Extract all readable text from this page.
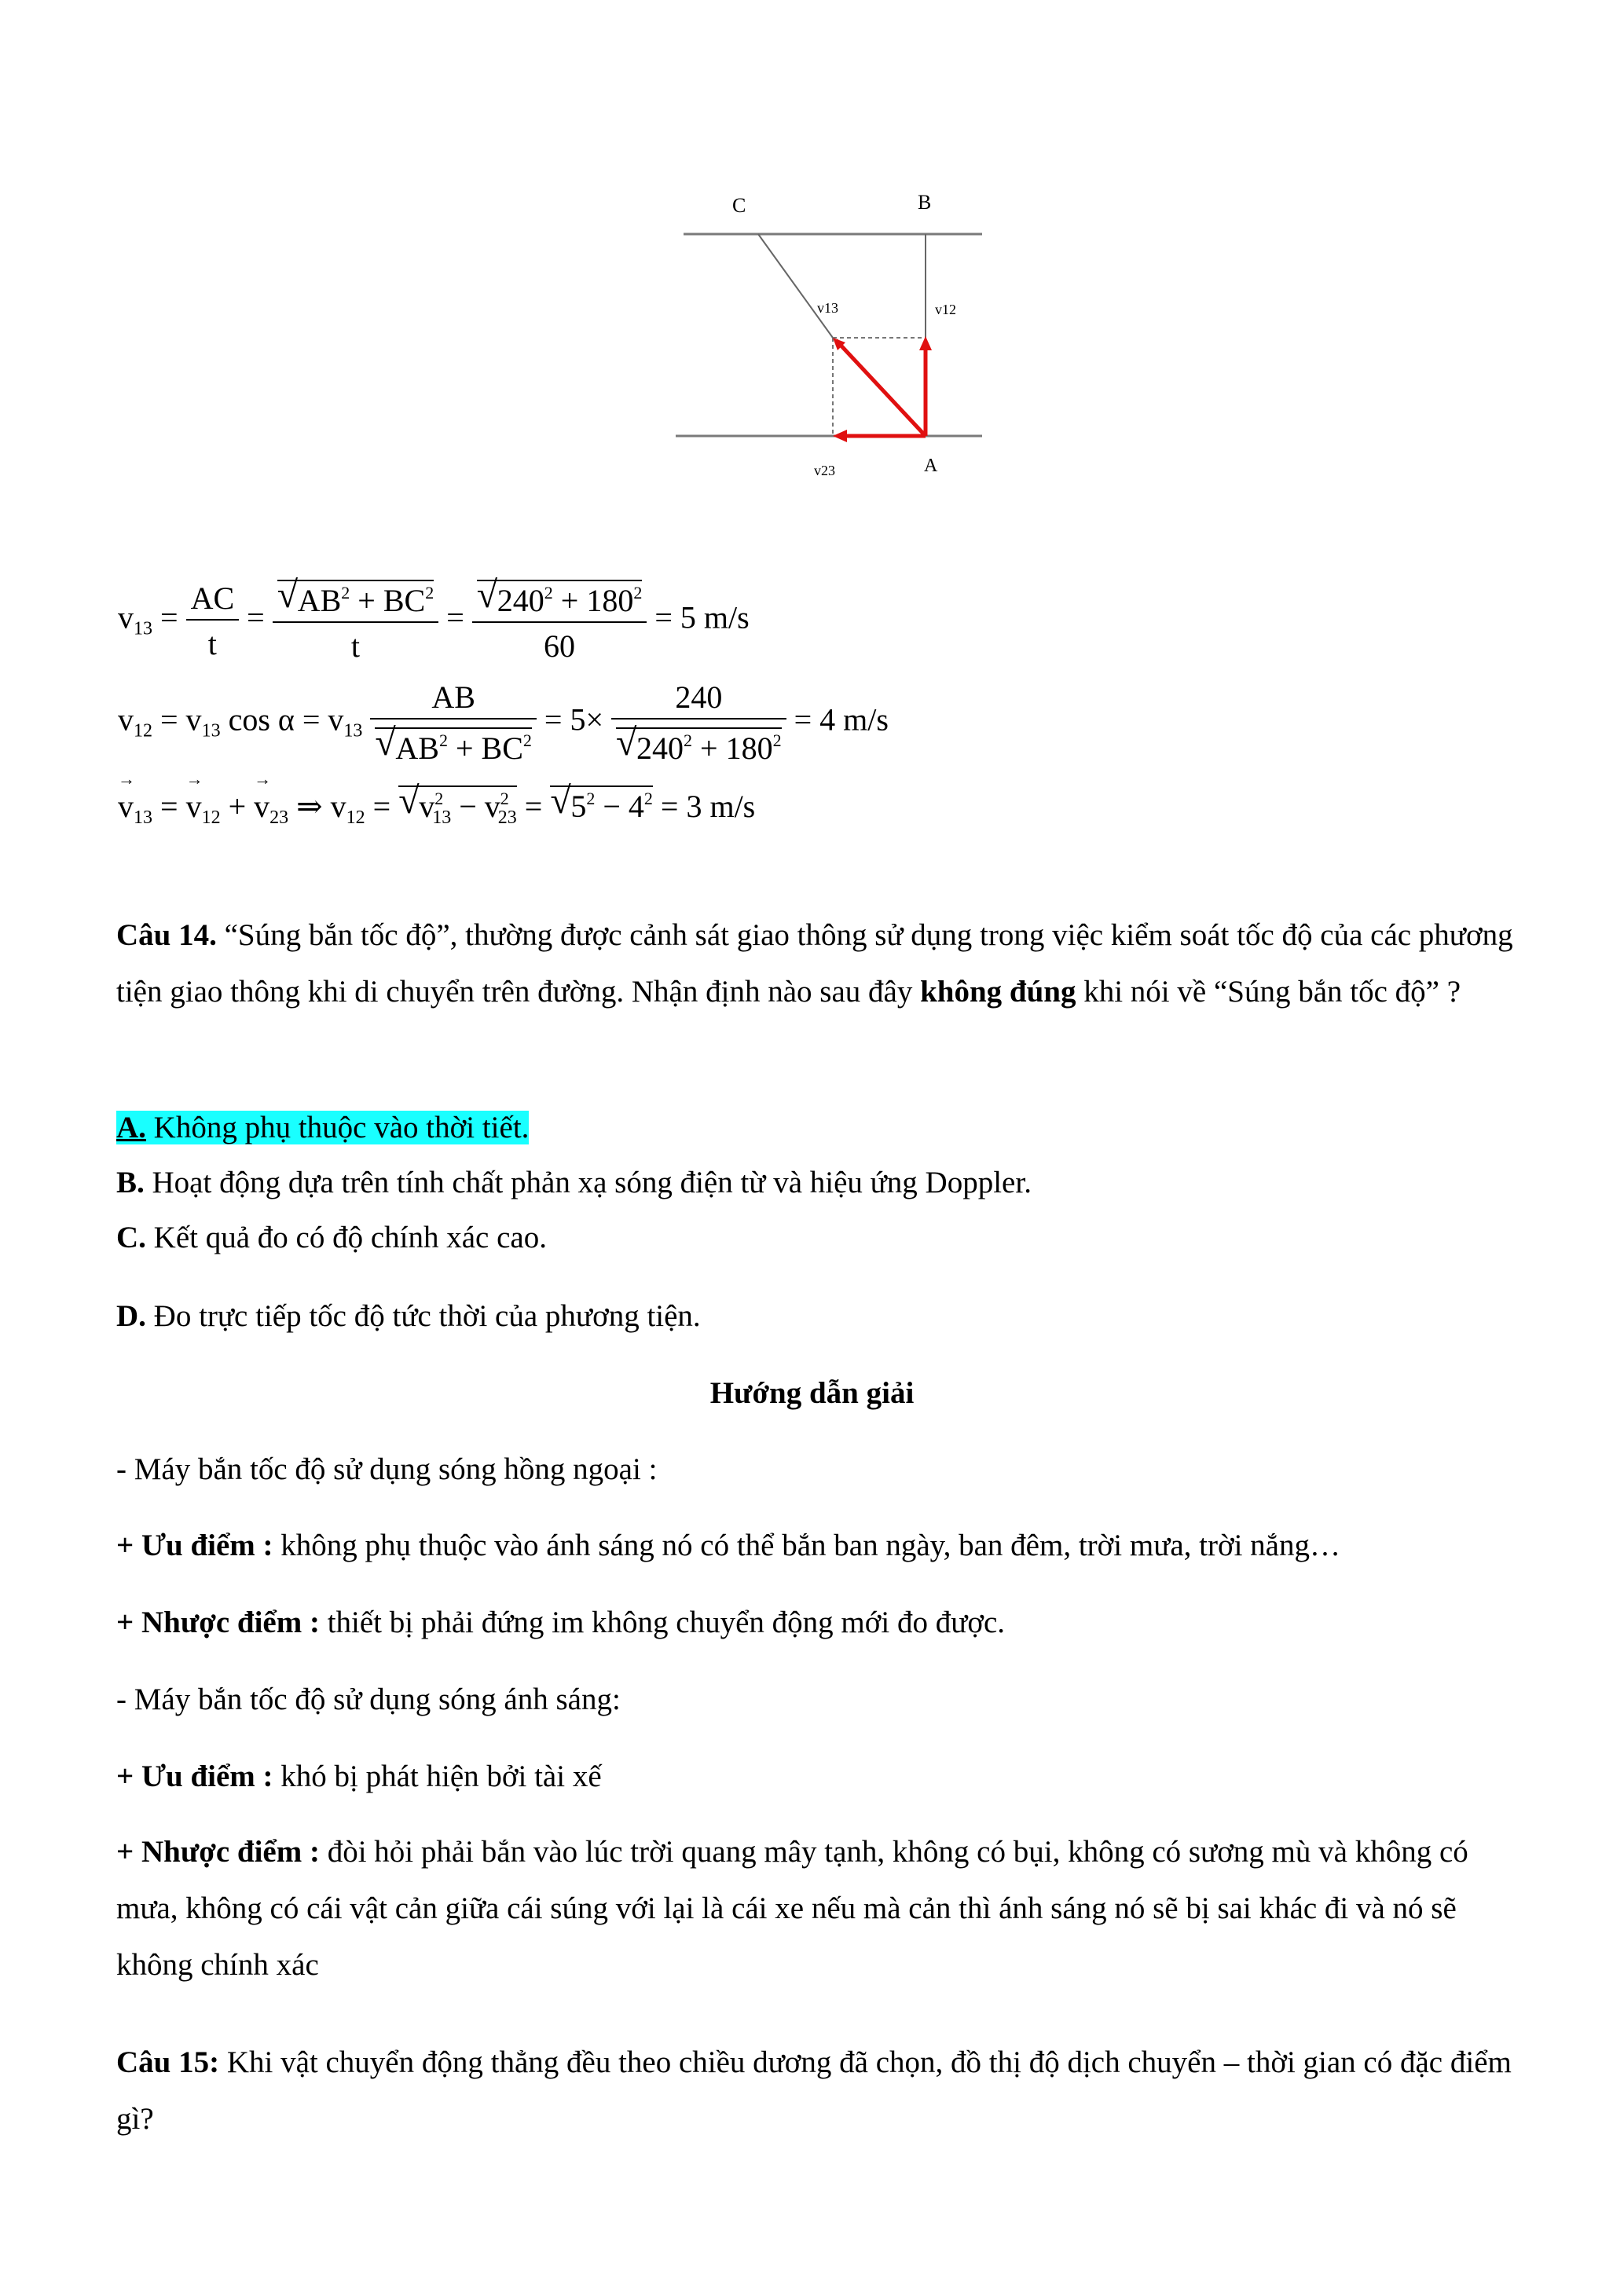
C	B
A
v13	v12
v23
$v_{13} = \frac{AC}{t}$ = √ $\frac{AB^2 + BC^2}{t}$ = √ $\frac{240^2 + 180^2}{60} = 5$ m/s
$v_{12} = v_{13}$ $\cos \alpha = v_{13}$ AB
√ $AB^2 + BC^2 = 5\times 240$
√ $240^2 + 180^2 = 4$ m/s
→ $v_{13}$ = → $v_{12}$ + → $v_{23}$ ⇒ $v_{12}$ = √ $v^2_{13} - v^2_{23}$ = √ $5^2 - 4^2 = 3$ m/s
Câu 14. “Súng bắn tốc độ”, thường được cảnh sát giao thông sử dụng trong việc kiểm soát tốc độ của các phương tiện giao thông khi di chuyển trên đường. Nhận định nào sau đây không đúng khi nói về “Súng bắn tốc độ” ?
A. Không phụ thuộc vào thời tiết.
B. Hoạt động dựa trên tính chất phản xạ sóng điện từ và hiệu ứng Doppler.
C. Kết quả đo có độ chính xác cao.
D. Đo trực tiếp tốc độ tức thời của phương tiện.
Hướng dẫn giải
- Máy bắn tốc độ sử dụng sóng hồng ngoại :
+ Ưu điểm : không phụ thuộc vào ánh sáng nó có thể bắn ban ngày, ban đêm, trời mưa, trời nắng…
+ Nhược điểm : thiết bị phải đứng im không chuyển động mới đo được.
- Máy bắn tốc độ sử dụng sóng ánh sáng:
+ Ưu điểm : khó bị phát hiện bởi tài xế
+ Nhược điểm : đòi hỏi phải bắn vào lúc trời quang mây tạnh, không có bụi, không có sương mù và không có mưa, không có cái vật cản giữa cái súng với lại là cái xe nếu mà cản thì ánh sáng nó sẽ bị sai khác đi và nó sẽ không chính xác
Câu 15: Khi vật chuyển động thẳng đều theo chiều dương đã chọn, đồ thị độ dịch chuyển – thời gian có đặc điểm gì?
